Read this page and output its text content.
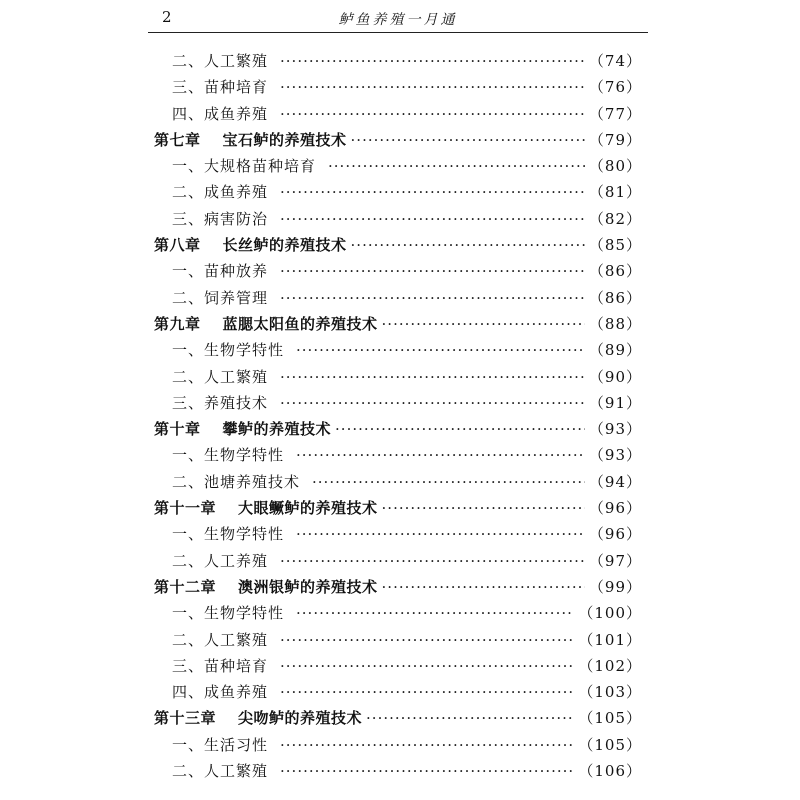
2	鲈鱼养殖一月通
二、人工繁殖 ·····	（74）
三、苗种培育 ·····	（76）
四、成鱼养殖 ·····	（77）
第七章 宝石鲈的养殖技术 ·····	（79）
一、大规格苗种培育 ·····	（80）
二、成鱼养殖 ·····	（81）
三、病害防治 ·····	（82）
第八章 长丝鲈的养殖技术 ·····	（85）
一、苗种放养 ·····	（86）
二、饲养管理 ·····	（86）
第九章 蓝腮太阳鱼的养殖技术 ·····	（88）
一、生物学特性 ·····	（89）
二、人工繁殖 ·····	（90）
三、养殖技术 ·····	（91）
第十章 攀鲈的养殖技术 ·····	（93）
一、生物学特性 ·····	（93）
二、池塘养殖技术 ·····	（94）
第十一章 大眼鳜鲈的养殖技术 ·····	（96）
一、生物学特性 ·····	（96）
二、人工养殖 ·····	（97）
第十二章 澳洲银鲈的养殖技术 ·····	（99）
一、生物学特性 ·····	（100）
二、人工繁殖 ·····	（101）
三、苗种培育 ·····	（102）
四、成鱼养殖 ·····	（103）
第十三章 尖吻鲈的养殖技术 ·····	（105）
一、生活习性 ·····	（105）
二、人工繁殖 ·····	（106）
